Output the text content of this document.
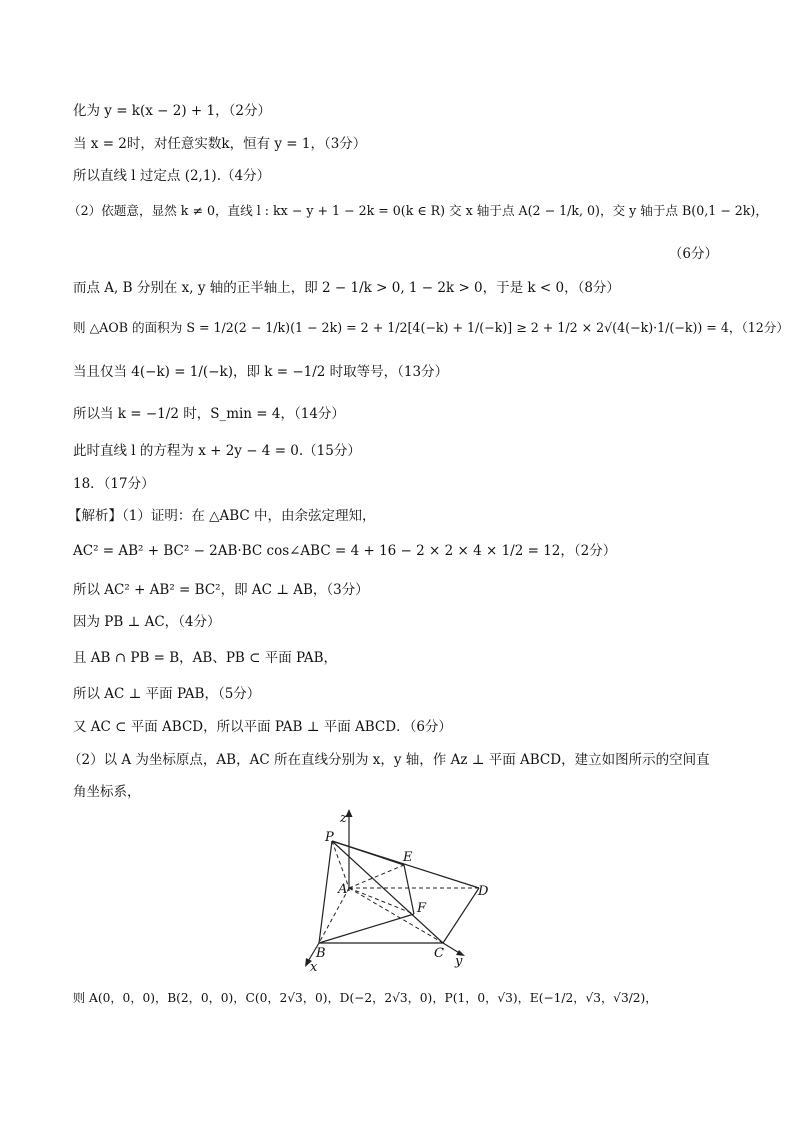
化为 y = k(x − 2) + 1，（2分）
当 x = 2时，对任意实数k，恒有 y = 1，（3分）
所以直线 l 过定点 (2,1).（4分）
（2）依题意，显然 k ≠ 0，直线 l : kx − y + 1 − 2k = 0(k ∈ R) 交 x 轴于点 A(2 − 1/k, 0)，交 y 轴于点 B(0,1 − 2k)，
（6分）
而点 A, B 分别在 x, y 轴的正半轴上，即 2 − 1/k > 0, 1 − 2k > 0，于是 k < 0，（8分）
则 △AOB 的面积为 S = 1/2(2 − 1/k)(1 − 2k) = 2 + 1/2[4(−k) + 1/(−k)] ≥ 2 + 1/2 × 2√(4(−k)·1/(−k)) = 4，（12分）
当且仅当 4(−k) = 1/(−k)，即 k = −1/2 时取等号，（13分）
所以当 k = −1/2 时，S_min = 4，（14分）
此时直线 l 的方程为 x + 2y − 4 = 0.（15分）
18．（17分）
【解析】（1）证明：在 △ABC 中，由余弦定理知，
AC² = AB² + BC² − 2AB·BC cos∠ABC = 4 + 16 − 2 × 2 × 4 × 1/2 = 12，（2分）
所以 AC² + AB² = BC²，即 AC ⊥ AB，（3分）
因为 PB ⊥ AC，（4分）
且 AB ∩ PB = B，AB、PB ⊂ 平面 PAB，
所以 AC ⊥ 平面 PAB，（5分）
又 AC ⊂ 平面 ABCD，所以平面 PAB ⊥ 平面 ABCD．（6分）
（2）以 A 为坐标原点，AB，AC 所在直线分别为 x，y 轴，作 Az ⊥ 平面 ABCD，建立如图所示的空间直
角坐标系，
z
P
E
A	D
F
B	C
x	y
则 A(0，0，0)，B(2，0，0)，C(0，2√3，0)，D(−2，2√3，0)，P(1，0，√3)，E(−1/2，√3，√3/2)，
